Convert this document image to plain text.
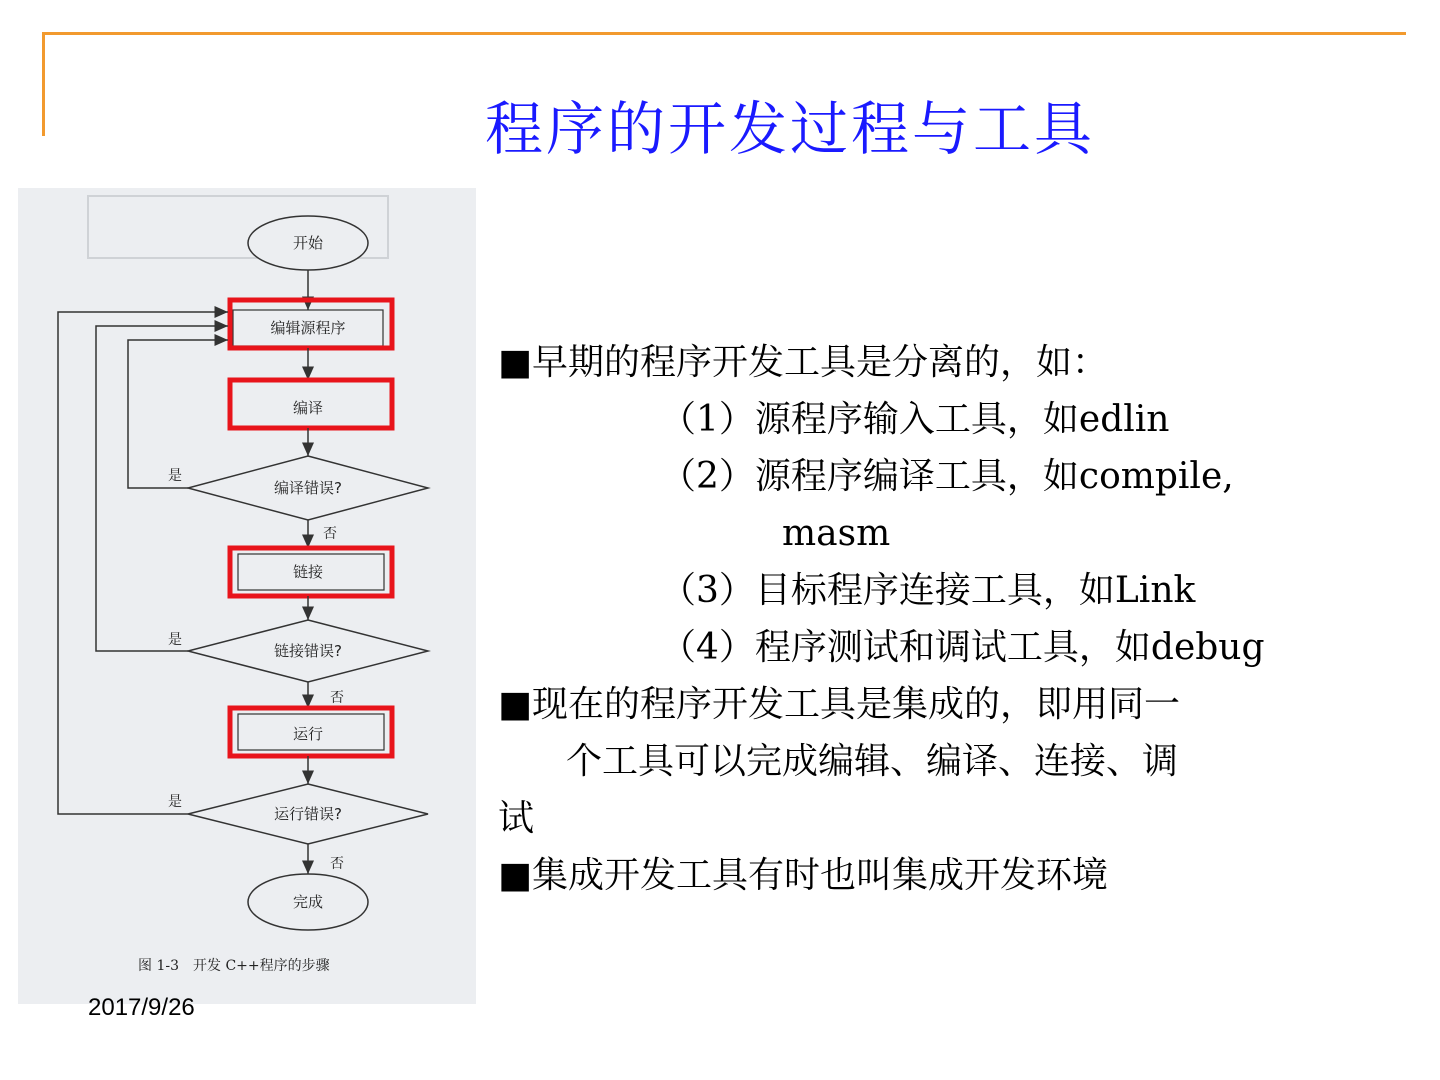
程序的开发过程与工具
开始
编辑源程序
编译
编译错误?
是
否
链接
链接错误?
是
否
运行
运行错误?
是
否
完成
图 1-3　开发 C++程序的步骤
■早期的程序开发工具是分离的，如：
（1）源程序输入工具，如edlin
（2）源程序编译工具，如compile,
masm
（3）目标程序连接工具，如Link
（4）程序测试和调试工具，如debug
■现在的程序开发工具是集成的，即用同一
个工具可以完成编辑、编译、连接、调
试
■集成开发工具有时也叫集成开发环境
2017/9/26
